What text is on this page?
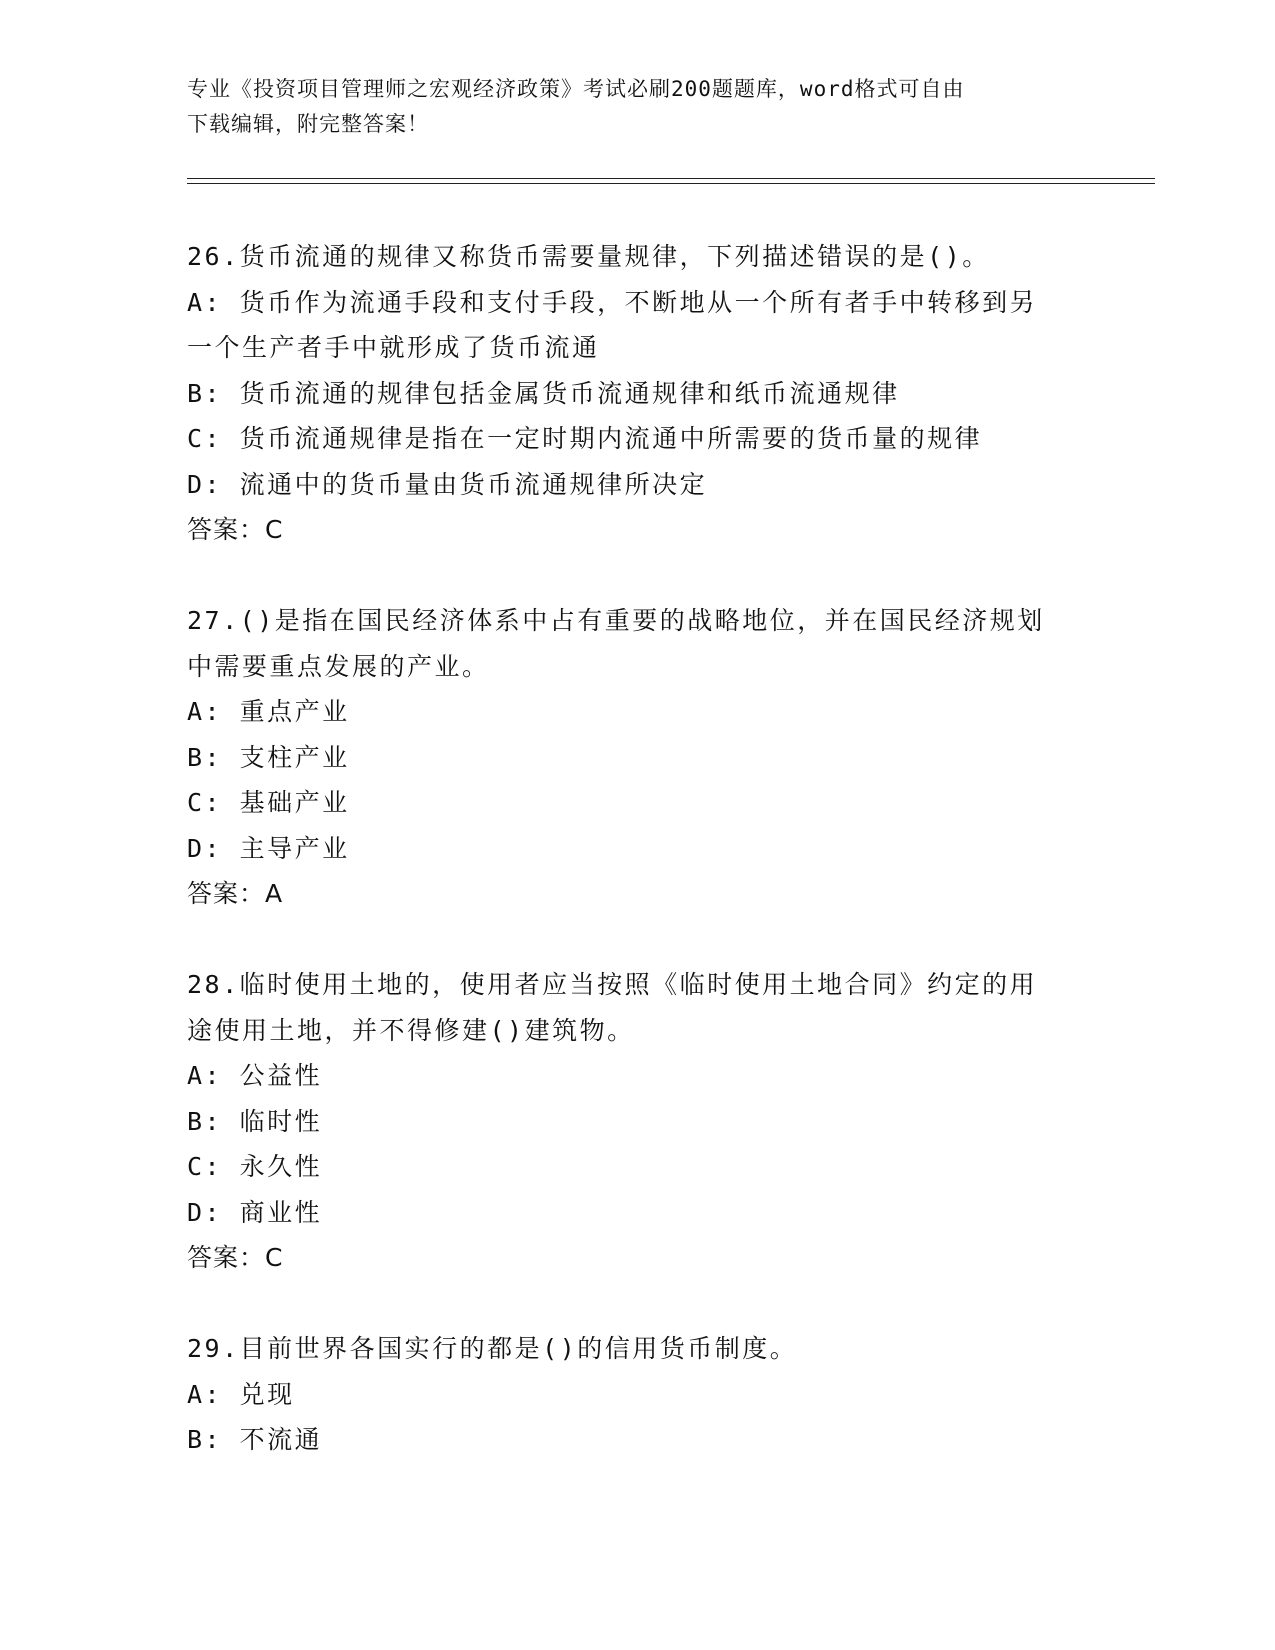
专业《投资项目管理师之宏观经济政策》考试必刷200题题库，word格式可自由
下载编辑，附完整答案！
26.货币流通的规律又称货币需要量规律，下列描述错误的是()。
A: 货币作为流通手段和支付手段，不断地从一个所有者手中转移到另
一个生产者手中就形成了货币流通
B: 货币流通的规律包括金属货币流通规律和纸币流通规律
C: 货币流通规律是指在一定时期内流通中所需要的货币量的规律
D: 流通中的货币量由货币流通规律所决定
答案：C
27.()是指在国民经济体系中占有重要的战略地位，并在国民经济规划
中需要重点发展的产业。
A: 重点产业
B: 支柱产业
C: 基础产业
D: 主导产业
答案：A
28.临时使用土地的，使用者应当按照《临时使用土地合同》约定的用
途使用土地，并不得修建()建筑物。
A: 公益性
B: 临时性
C: 永久性
D: 商业性
答案：C
29.目前世界各国实行的都是()的信用货币制度。
A: 兑现
B: 不流通
